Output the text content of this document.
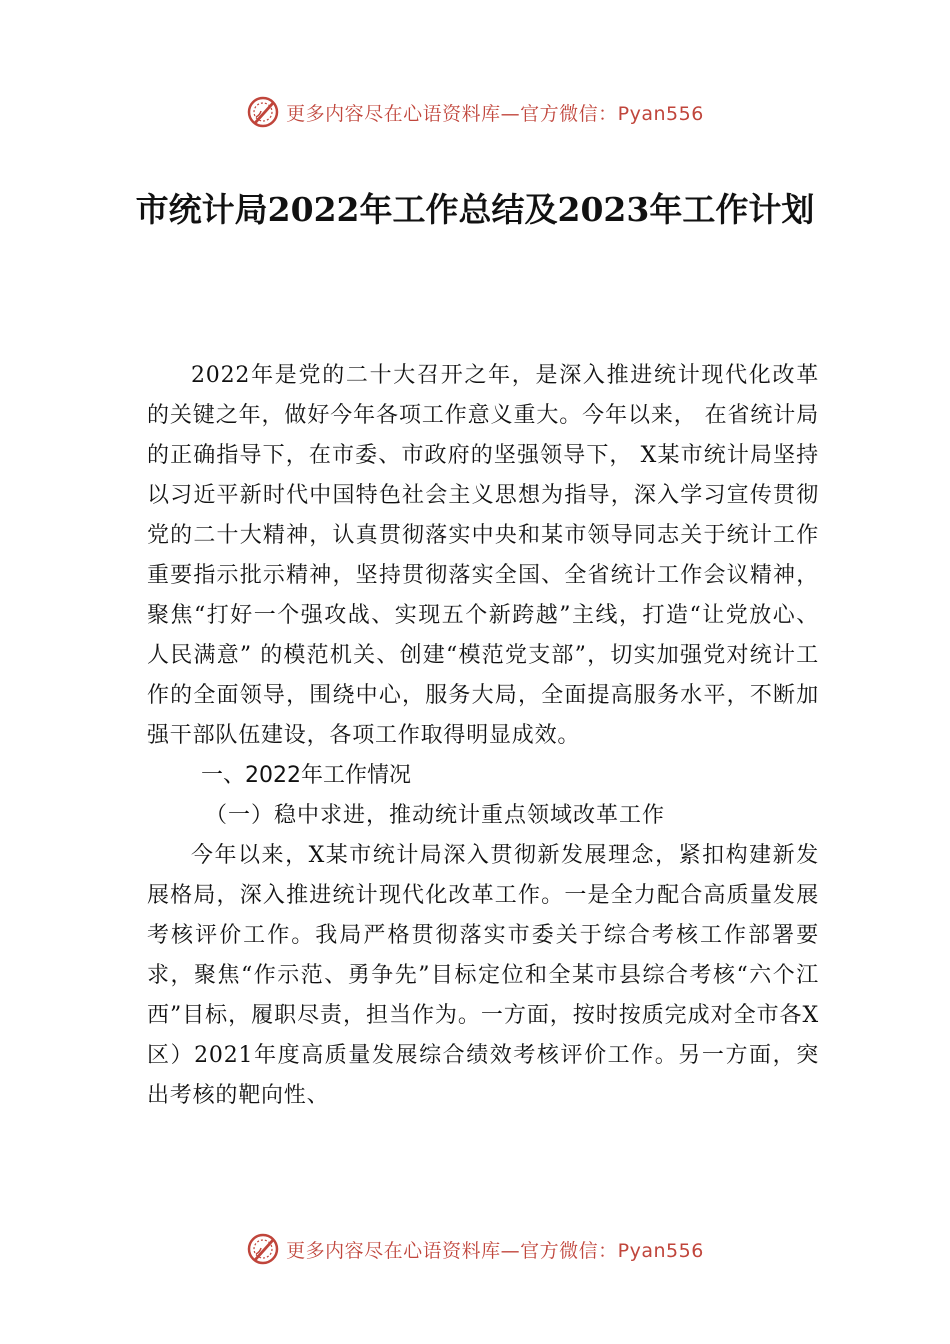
更多内容尽在心语资料库—官方微信：Pyan556
市统计局2022年工作总结及2023年工作计划

2022年是党的二十大召开之年，是深入推进统计现代化改革的关键之年，做好今年各项工作意义重大。今年以来， 在省统计局的正确指导下，在市委、市政府的坚强领导下， X某市统计局坚持以习近平新时代中国特色社会主义思想为指导，深入学习宣传贯彻党的二十大精神，认真贯彻落实中央和某市领导同志关于统计工作重要指示批示精神，坚持贯彻落实全国、全省统计工作会议精神，聚焦“打好一个强攻战、实现五个新跨越”主线，打造“让党放心、人民满意” 的模范机关、创建“模范党支部”，切实加强党对统计工作的全面领导，围绕中心，服务大局，全面提高服务水平，不断加强干部队伍建设，各项工作取得明显成效。

一、2022年工作情况

（一）稳中求进，推动统计重点领域改革工作

今年以来，X某市统计局深入贯彻新发展理念，紧扣构建新发展格局，深入推进统计现代化改革工作。一是全力配合高质量发展考核评价工作。我局严格贯彻落实市委关于综合考核工作部署要求，聚焦“作示范、勇争先”目标定位和全某市县综合考核“六个江西”目标，履职尽责，担当作为。一方面，按时按质完成对全市各X区）2021年度高质量发展综合绩效考核评价工作。另一方面，突出考核的靶向性、

更多内容尽在心语资料库—官方微信：Pyan556
